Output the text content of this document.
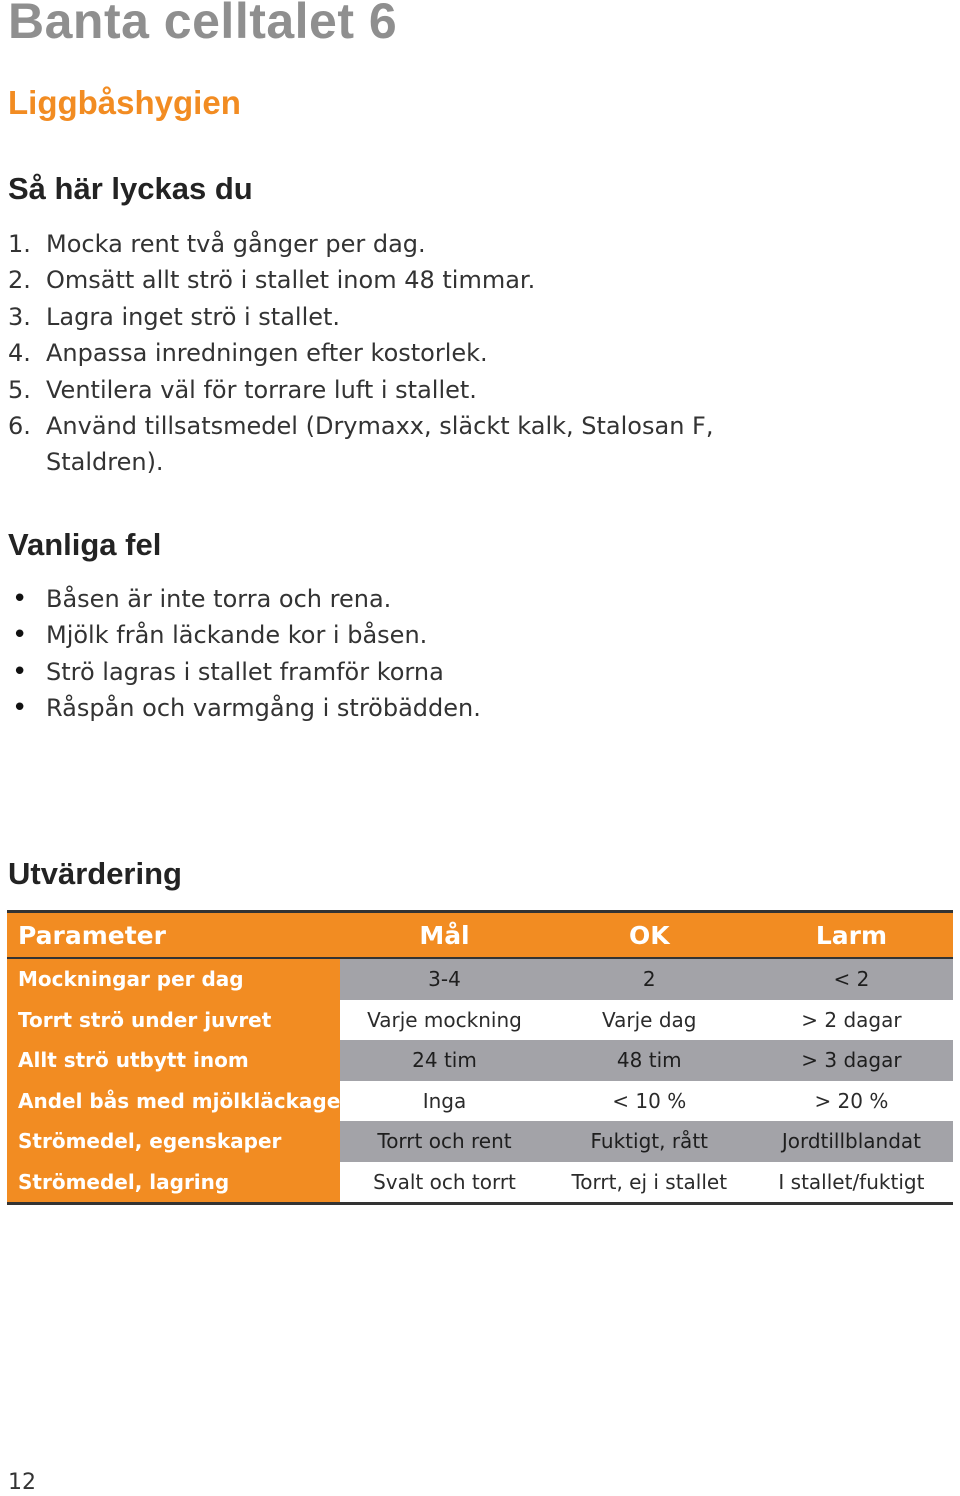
Banta celltalet 6
Liggbåshygien
Så här lyckas du
1. Mocka rent två gånger per dag.
2. Omsätt allt strö i stallet inom 48 timmar.
3. Lagra inget strö i stallet.
4. Anpassa inredningen efter kostorlek.
5. Ventilera väl för torrare luft i stallet.
6. Använd tillsatsmedel (Drymaxx, släckt kalk, Stalosan F, Staldren).
Vanliga fel
• Båsen är inte torra och rena.
• Mjölk från läckande kor i båsen.
• Strö lagras i stallet framför korna
• Råspån och varmgång i ströbädden.
Utvärdering
Parameter	Mål	OK	Larm
Mockningar per dag	3-4	2	< 2
Torrt strö under juvret	Varje mockning	Varje dag	> 2 dagar
Allt strö utbytt inom	24 tim	48 tim	> 3 dagar
Andel bås med mjölkläckage	Inga	< 10 %	> 20 %
Strömedel, egenskaper	Torrt och rent	Fuktigt, rått	Jordtillblandat
Strömedel, lagring	Svalt och torrt	Torrt, ej i stallet	I stallet/fuktigt
12
